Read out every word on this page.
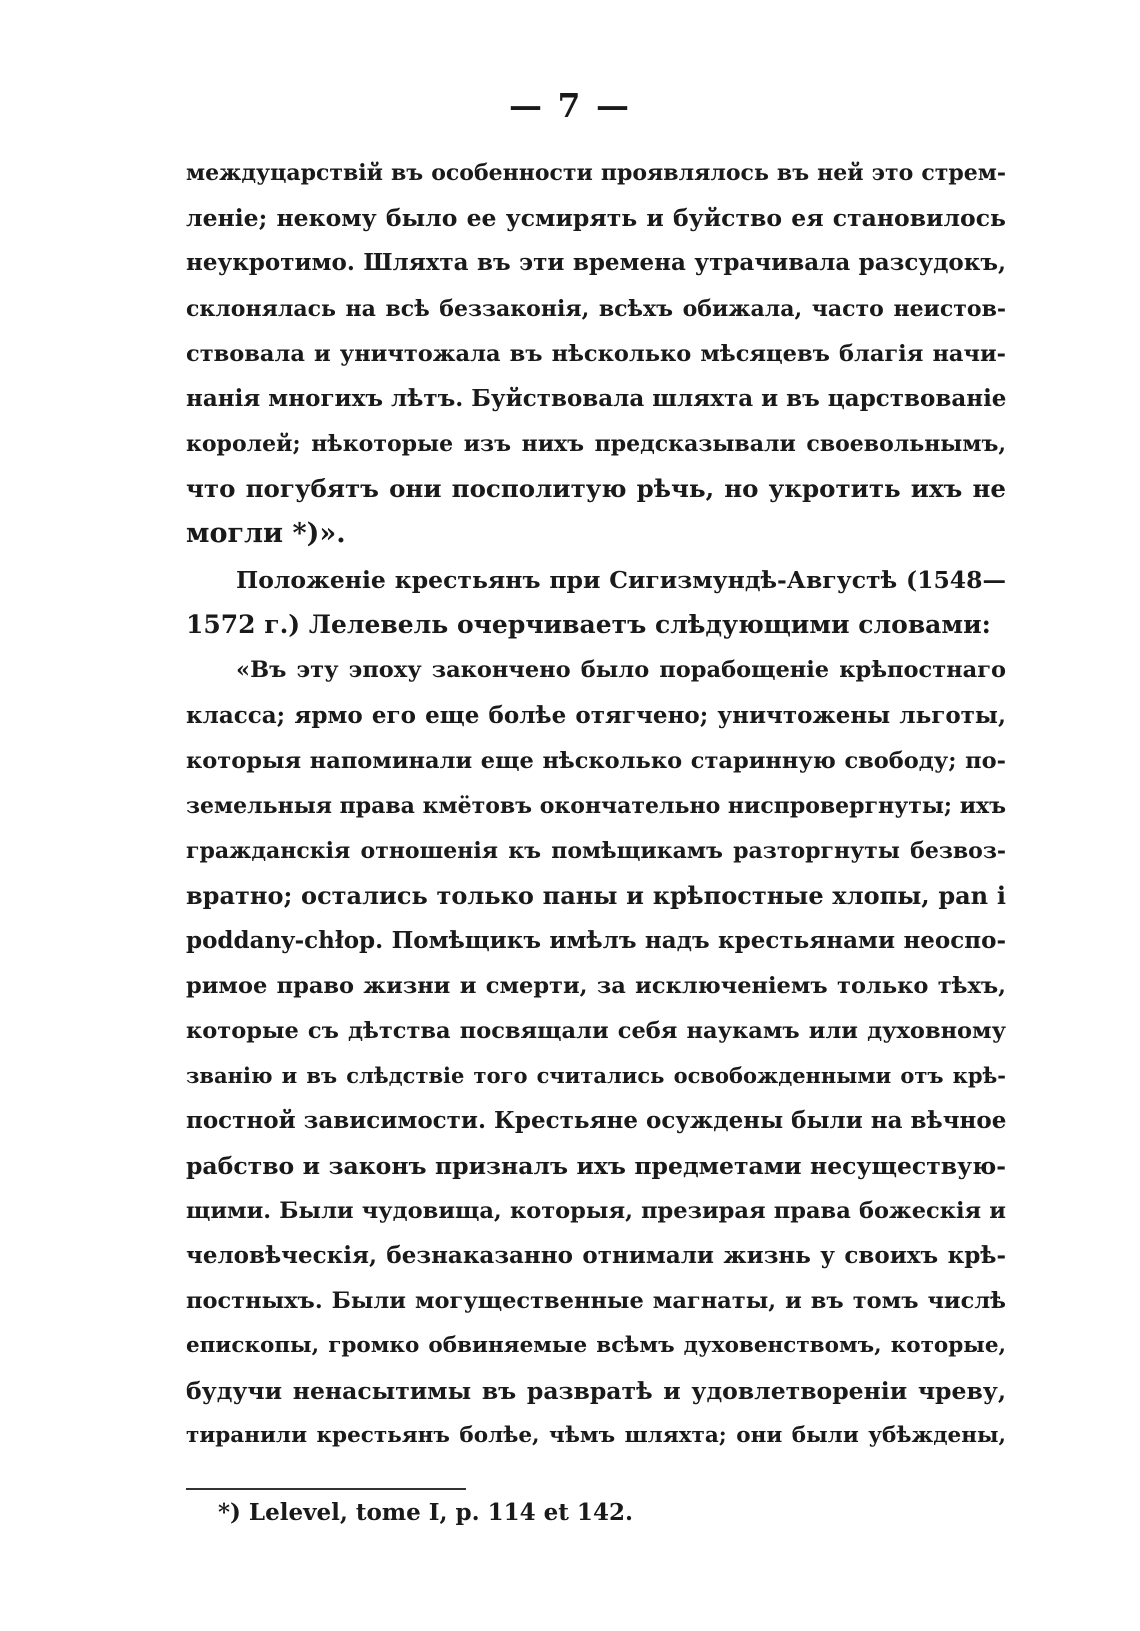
— 7 —
междуцарствій въ особенности проявлялось въ ней это стрем-
леніе; некому было ее усмирять и буйство ея становилось
неукротимо. Шляхта въ эти времена утрачивала разсудокъ,
склонялась на всѣ беззаконія, всѣхъ обижала, часто неистов-
ствовала и уничтожала въ нѣсколько мѣсяцевъ благія начи-
нанія многихъ лѣтъ. Буйствовала шляхта и въ царствованіе
королей; нѣкоторые изъ нихъ предсказывали своевольнымъ,
что погубятъ они посполитую рѣчь, но укротить ихъ не
могли *)».
Положеніе крестьянъ при Сигизмундѣ-Августѣ (1548—
1572 г.) Лелевель очерчиваетъ слѣдующими словами:
«Въ эту эпоху закончено было порабощеніе крѣпостнаго
класса; ярмо его еще болѣе отягчено; уничтожены льготы,
которыя напоминали еще нѣсколько старинную свободу; по-
земельныя права кмётовъ окончательно ниспровергнуты; ихъ
гражданскія отношенія къ помѣщикамъ разторгнуты безвоз-
вратно; остались только паны и крѣпостные хлопы, pan i
poddany-chłop. Помѣщикъ имѣлъ надъ крестьянами неоспо-
римое право жизни и смерти, за исключеніемъ только тѣхъ,
которые съ дѣтства посвящали себя наукамъ или духовному
званію и въ слѣдствіе того считались освобожденными отъ крѣ-
постной зависимости. Крестьяне осуждены были на вѣчное
рабство и законъ призналъ ихъ предметами несуществую-
щими. Были чудовища, которыя, презирая права божескія и
человѣческія, безнаказанно отнимали жизнь у своихъ крѣ-
постныхъ. Были могущественные магнаты, и въ томъ числѣ
епископы, громко обвиняемые всѣмъ духовенствомъ, которые,
будучи ненасытимы въ развратѣ и удовлетвореніи чреву,
тиранили крестьянъ болѣе, чѣмъ шляхта; они были убѣждены,
*) Lelevel, tome I, p. 114 et 142.
